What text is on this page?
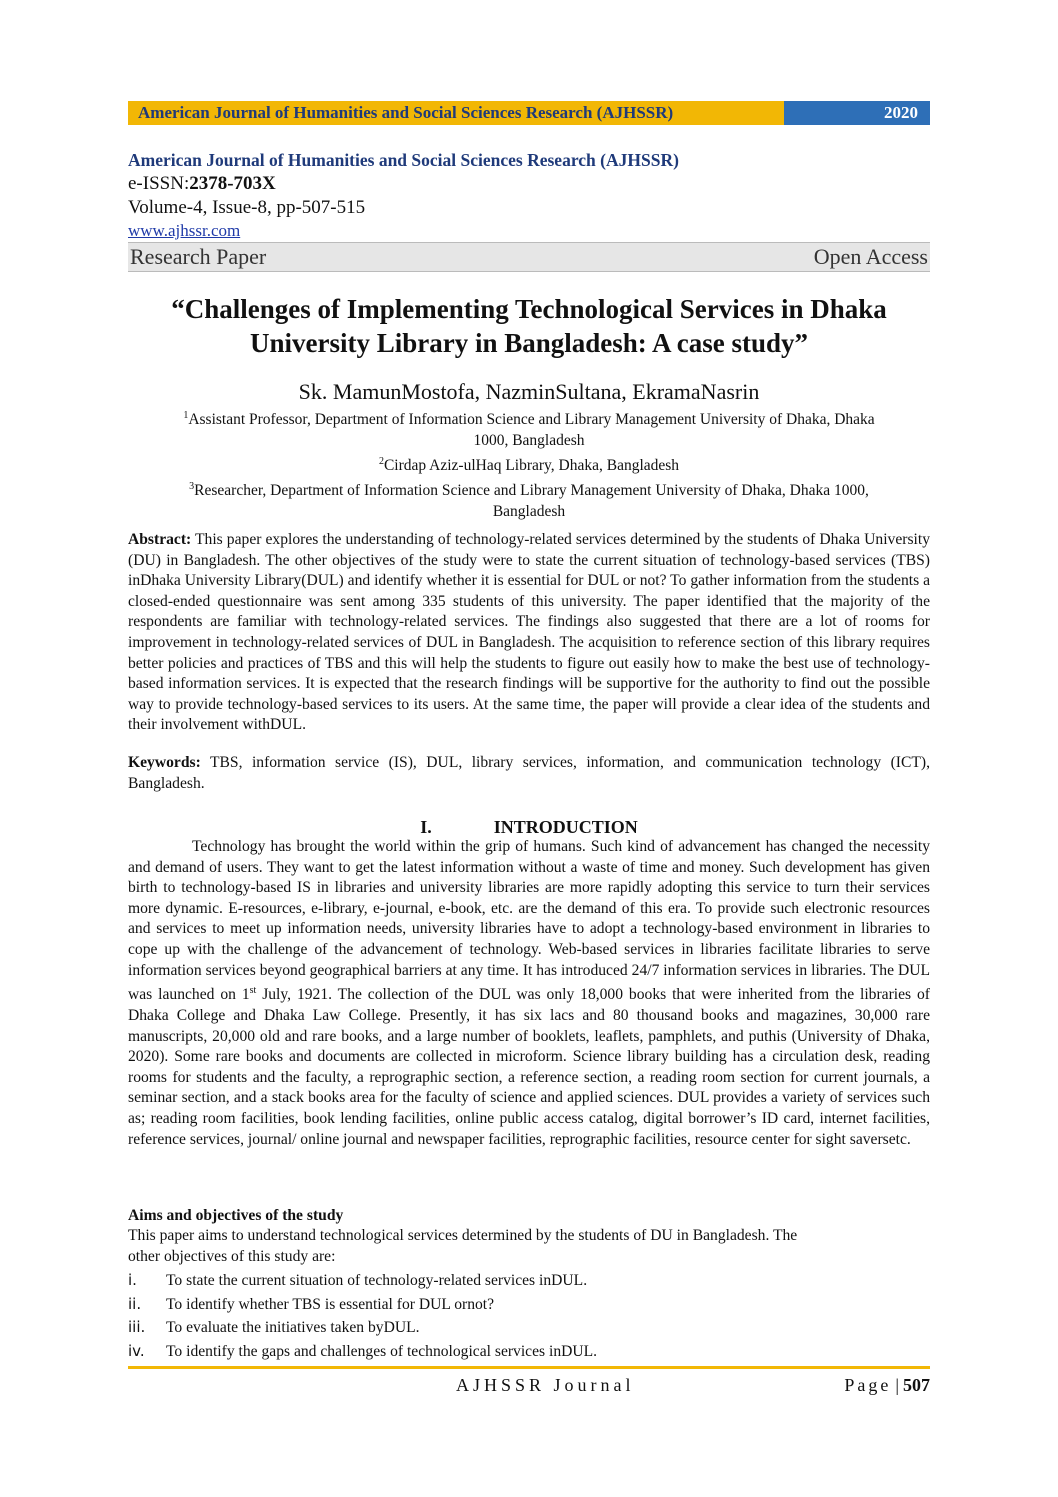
American Journal of Humanities and Social Sciences Research (AJHSSR)	2020
American Journal of Humanities and Social Sciences Research (AJHSSR)
e-ISSN:2378-703X
Volume-4, Issue-8, pp-507-515
www.ajhssr.com
Research Paper	Open Access
“Challenges of Implementing Technological Services in Dhaka
University Library in Bangladesh: A case study”
Sk. MamunMostofa, NazminSultana, EkramaNasrin
$^1$Assistant Professor, Department of Information Science and Library Management University of Dhaka, Dhaka
1000, Bangladesh
$^2$Cirdap Aziz-ulHaq Library, Dhaka, Bangladesh
$^3$Researcher, Department of Information Science and Library Management University of Dhaka, Dhaka 1000,
Bangladesh
Abstract: This paper explores the understanding of technology-related services determined by the students of Dhaka University (DU) in Bangladesh. The other objectives of the study were to state the current situation of technology-based services (TBS) inDhaka University Library(DUL) and identify whether it is essential for DUL or not? To gather information from the students a closed-ended questionnaire was sent among 335 students of this university. The paper identified that the majority of the respondents are familiar with technology-related services. The findings also suggested that there are a lot of rooms for improvement in technology-related services of DUL in Bangladesh. The acquisition to reference section of this library requires better policies and practices of TBS and this will help the students to figure out easily how to make the best use of technology-based information services. It is expected that the research findings will be supportive for the authority to find out the possible way to provide technology-based services to its users. At the same time, the paper will provide a clear idea of the students and their involvement withDUL.
Keywords: TBS, information service (IS), DUL, library services, information, and communication technology (ICT), Bangladesh.
I.	INTRODUCTION
Technology has brought the world within the grip of humans. Such kind of advancement has changed the necessity and demand of users. They want to get the latest information without a waste of time and money. Such development has given birth to technology-based IS in libraries and university libraries are more rapidly adopting this service to turn their services more dynamic. E-resources, e-library, e-journal, e-book, etc. are the demand of this era. To provide such electronic resources and services to meet up information needs, university libraries have to adopt a technology-based environment in libraries to cope up with the challenge of the advancement of technology. Web-based services in libraries facilitate libraries to serve information services beyond geographical barriers at any time. It has introduced 24/7 information services in libraries. The DUL was launched on 1st July, 1921. The collection of the DUL was only 18,000 books that were inherited from the libraries of Dhaka College and Dhaka Law College. Presently, it has six lacs and 80 thousand books and magazines, 30,000 rare manuscripts, 20,000 old and rare books, and a large number of booklets, leaflets, pamphlets, and puthis (University of Dhaka, 2020). Some rare books and documents are collected in microform. Science library building has a circulation desk, reading rooms for students and the faculty, a reprographic section, a reference section, a reading room section for current journals, a seminar section, and a stack books area for the faculty of science and applied sciences. DUL provides a variety of services such as; reading room facilities, book lending facilities, online public access catalog, digital borrower’s ID card, internet facilities, reference services, journal/ online journal and newspaper facilities, reprographic facilities, resource center for sight saversetc.
Aims and objectives of the study
This paper aims to understand technological services determined by the students of DU in Bangladesh. The
other objectives of this study are:
i.	To state the current situation of technology-related services inDUL.
ii.	To identify whether TBS is essential for DUL ornot?
iii.	To evaluate the initiatives taken byDUL.
iv.	To identify the gaps and challenges of technological services inDUL.
AJHSSR Journal	Page | 507
